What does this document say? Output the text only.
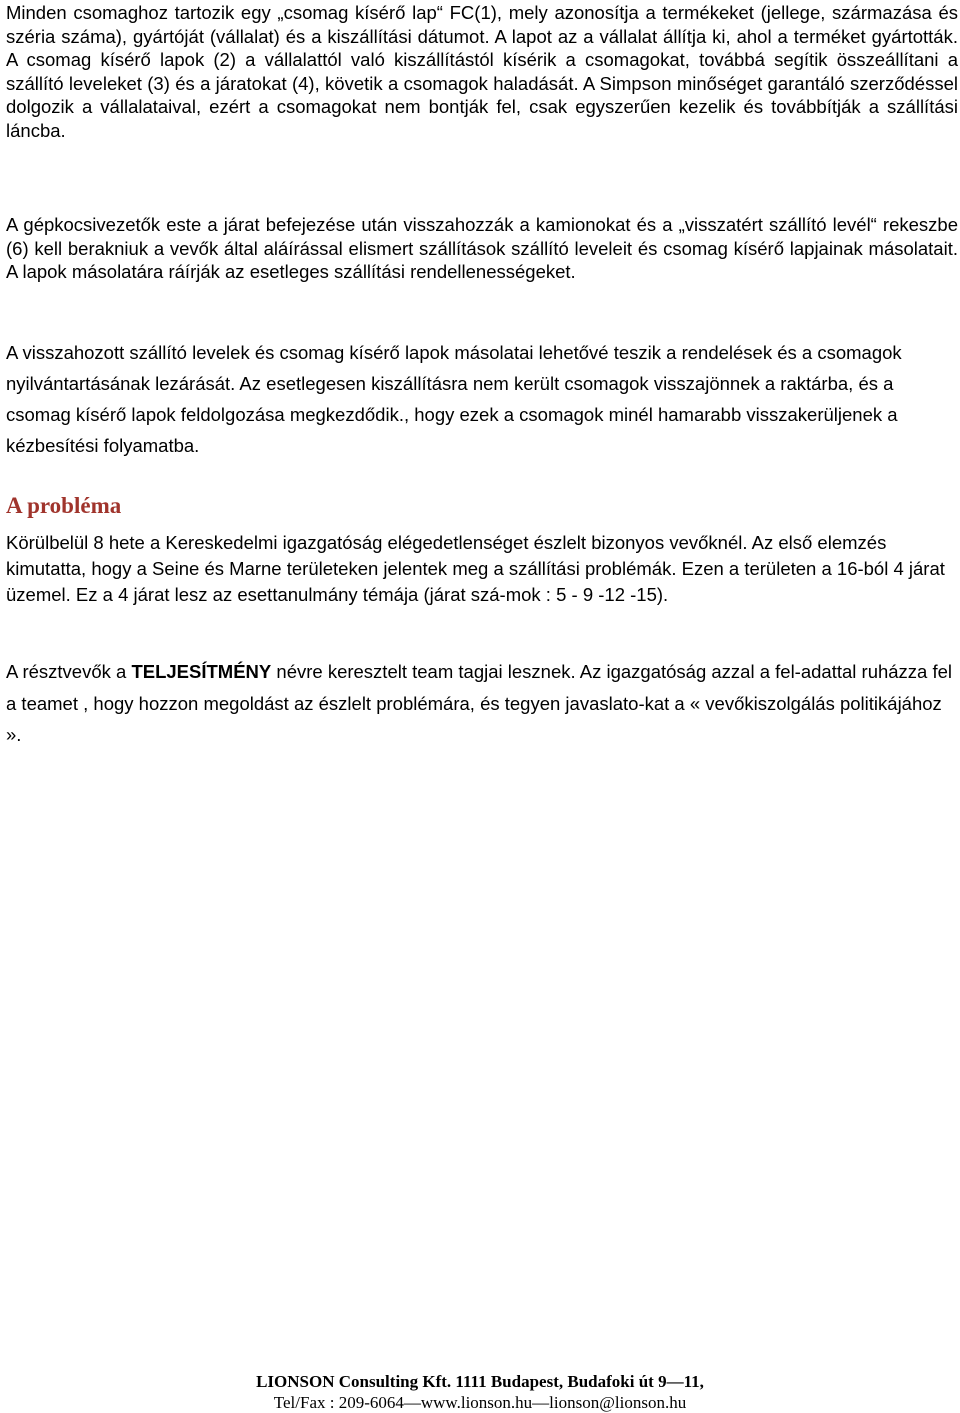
Minden csomaghoz tartozik egy „csomag kísérő lap“ FC(1), mely azonosítja a termékeket (jellege, származása és széria száma), gyártóját (vállalat) és a kiszállítási dátumot. A lapot az a vállalat állítja ki, ahol a terméket gyártották. A csomag kísérő lapok (2) a vállalattól való kiszállítástól kísérik a csomagokat, továbbá segítik összeállítani a szállító leveleket (3) és a járatokat (4), követik a csomagok haladását. A Simpson minőséget garantáló szerződéssel dolgozik a vállalataival, ezért a csomagokat nem bontják fel, csak egyszerűen kezelik és továbbítják a szállítási láncba.

A gépkocsivezetők este a járat befejezése után visszahozzák a kamionokat és a „visszatért szállító levél“ rekeszbe (6) kell berakniuk a vevők által aláírással elismert szállítások szállító leveleit és csomag kísérő lapjainak másolatait. A lapok másolatára ráírják az esetleges szállítási rendellenességeket.

A visszahozott szállító levelek és csomag kísérő lapok másolatai lehetővé teszik a rendelések és a csomagok nyilvántartásának lezárását. Az esetlegesen kiszállításra nem került csomagok visszajönnek a raktárba, és a csomag kísérő lapok feldolgozása megkezdődik., hogy ezek a csomagok minél hamarabb visszakerüljenek a kézbesítési folyamatba.

A probléma

Körülbelül 8 hete a Kereskedelmi igazgatóság elégedetlenséget észlelt bizonyos vevőknél. Az első elemzés kimutatta, hogy a Seine és Marne területeken jelentek meg a szállítási problémák. Ezen a területen a 16-ból 4 járat üzemel. Ez a 4 járat lesz az esettanulmány témája (járat szá-mok : 5 - 9 -12 -15).

A résztvevők a TELJESÍTMÉNY névre keresztelt team tagjai lesznek. Az igazgatóság azzal a fel-adattal ruházza fel a teamet , hogy hozzon megoldást az észlelt problémára, és tegyen javaslato-kat a « vevőkiszolgálás politikájához ».

LIONSON Consulting Kft. 1111 Budapest, Budafoki út 9—11,
Tel/Fax : 209-6064—www.lionson.hu—lionson@lionson.hu
